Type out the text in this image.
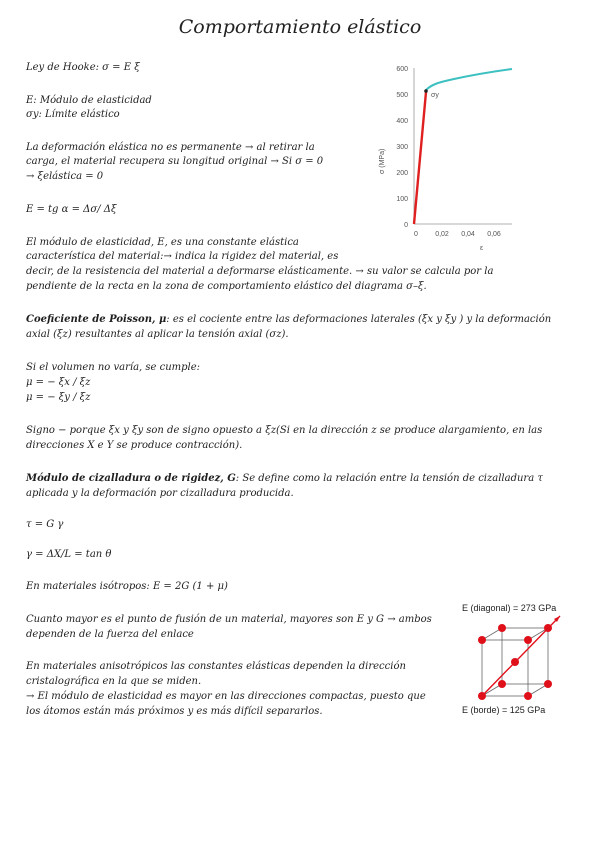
Comportamiento elástico
Ley de Hooke: σ = E ξ
E: Módulo de elasticidad
σy: Límite elástico
La deformación elástica no es permanente → al retirar la
carga, el material recupera su longitud original → Si σ = 0
→ ξelástica = 0
E = tg α = Δσ/ Δξ
El módulo de elasticidad, E, es una constante elástica
característica del material:→ indica la rigidez del material, es
decir, de la resistencia del material a deformarse elásticamente. → su valor se calcula por la
pendiente de la recta en la zona de comportamiento elástico del diagrama σ–ξ.
Coeficiente de Poisson, μ: es el cociente entre las deformaciones laterales (ξx y ξy ) y la deformación
axial (ξz) resultantes al aplicar la tensión axial (σz).
Si el volumen no varía, se cumple:
μ = − ξx / ξz
μ = − ξy / ξz
Signo − porque ξx y ξy son de signo opuesto a ξz(Si en la dirección z se produce alargamiento, en las
direcciones X e Y se produce contracción).
Módulo de cizalladura o de rigidez, G: Se define como la relación entre la tensión de cizalladura τ
aplicada y la deformación por cizalladura producida.
τ = G γ
γ = ΔX/L = tan θ
En materiales isótropos: E = 2G (1 + μ)
Cuanto mayor es el punto de fusión de un material, mayores son E y G → ambos
dependen de la fuerza del enlace
En materiales anisotrópicos las constantes elásticas dependen la dirección
cristalográfica en la que se miden.
→ El módulo de elasticidad es mayor en las direcciones compactas, puesto que
los átomos están más próximos y es más difícil separarlos.
σ (MPa)
0
100
200
300
400
500
600
0 0,02 0,04 0,06
ε
σy
E (diagonal) = 273 GPa
E (borde) = 125 GPa
